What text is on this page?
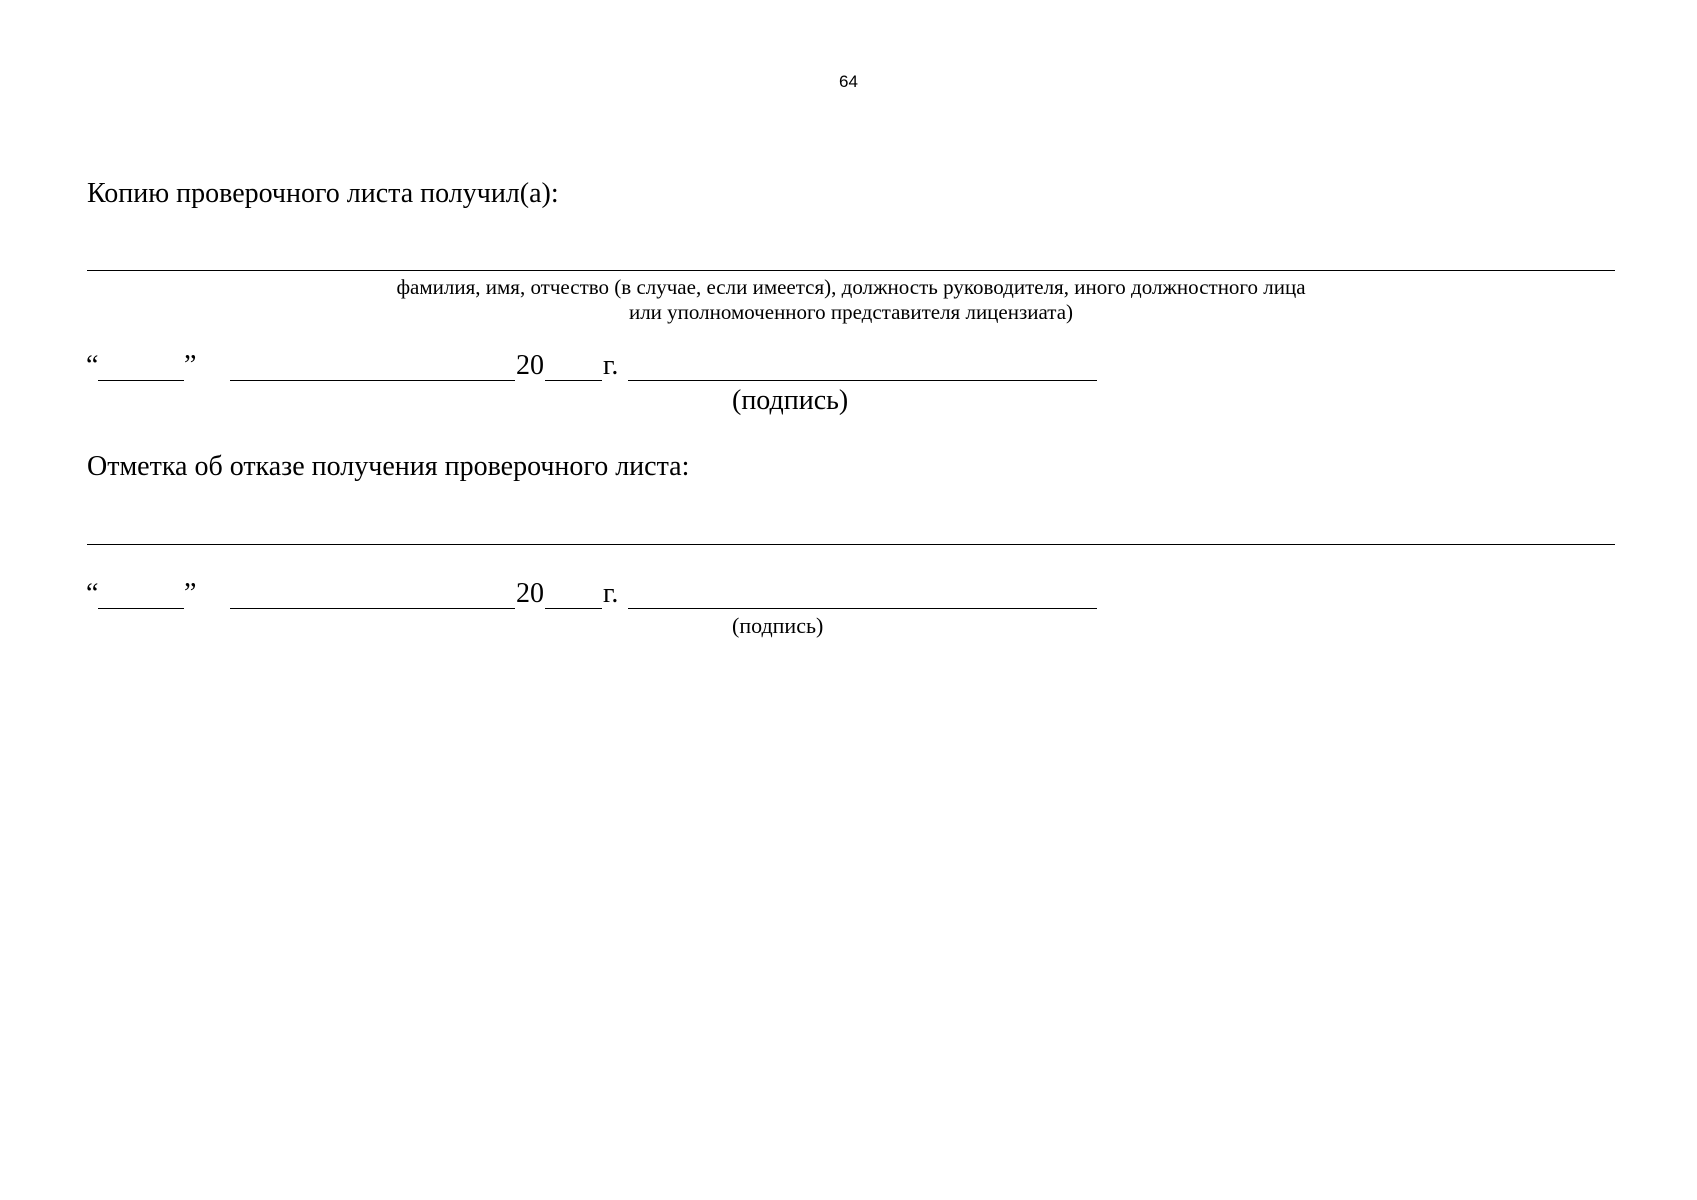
64
Копию проверочного листа получил(а):
фамилия, имя, отчество (в случае, если имеется), должность руководителя, иного должностного лица
или уполномоченного представителя лицензиата)
“	”	20 г.
(подпись)
Отметка об отказе получения проверочного листа:
“	”	20 г.
(подпись)
